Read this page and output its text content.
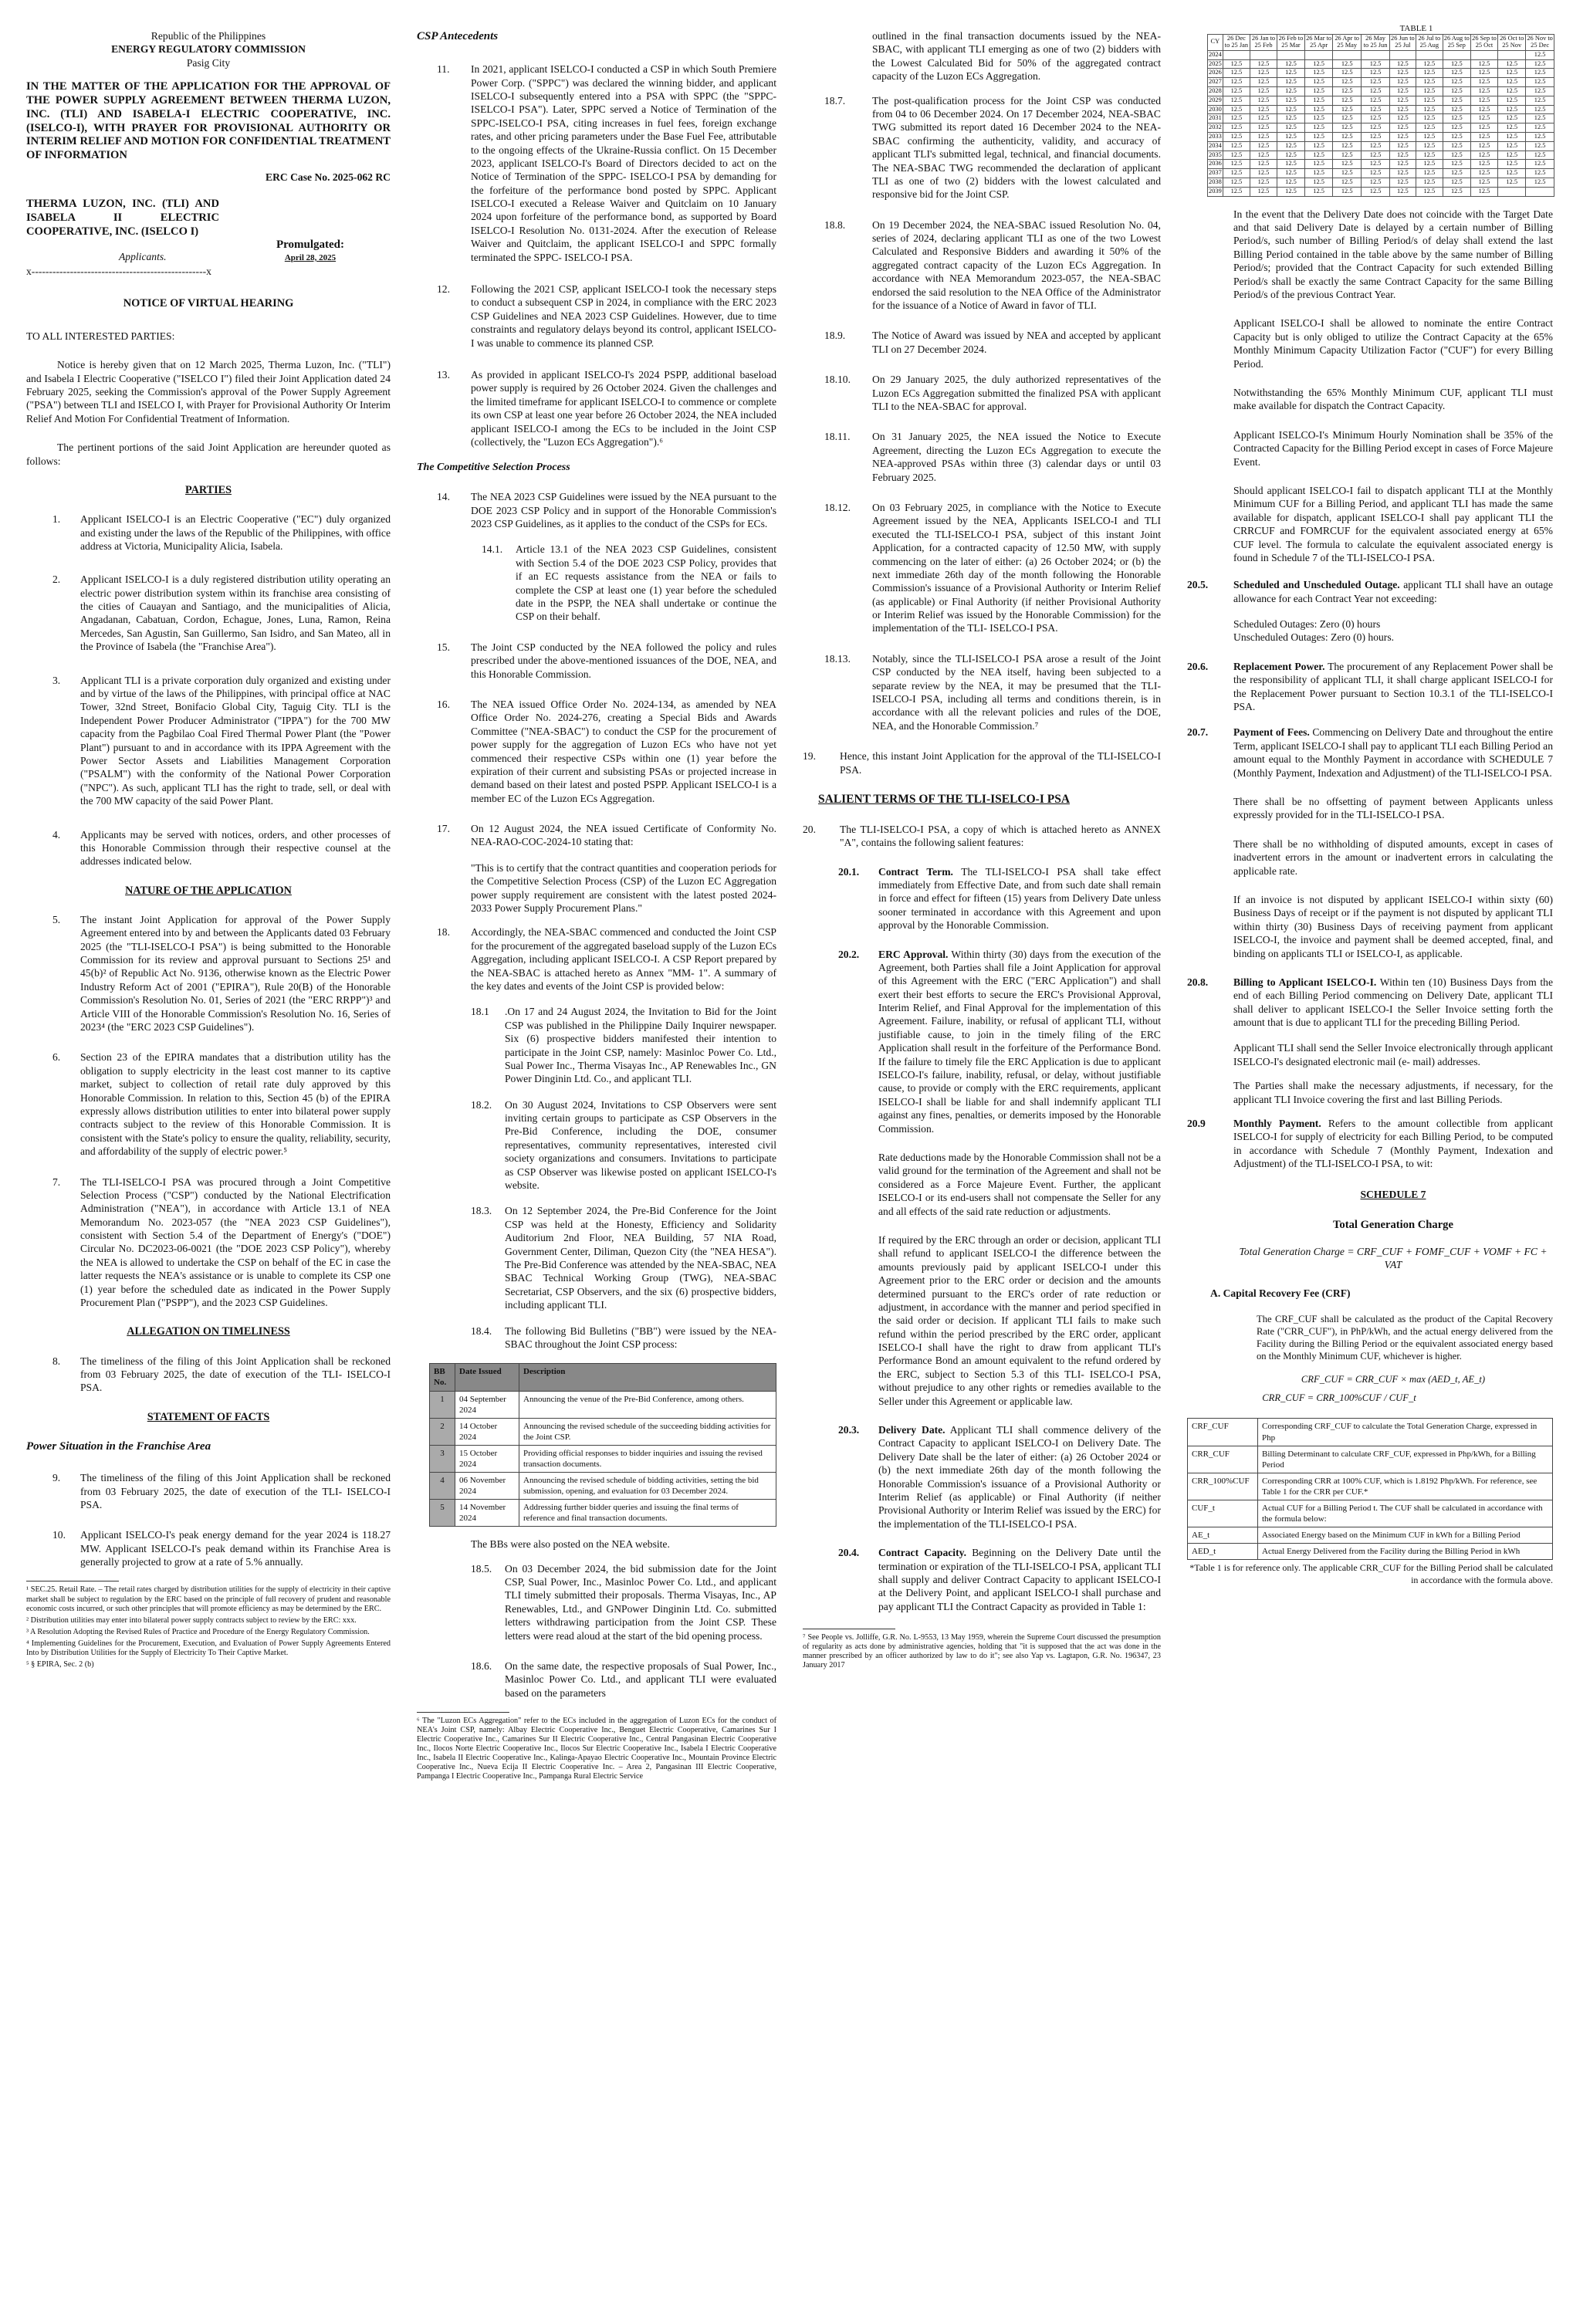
Republic of the Philippines
ENERGY REGULATORY COMMISSION
Pasig City
IN THE MATTER OF THE APPLICATION FOR THE APPROVAL OF THE POWER SUPPLY AGREEMENT BETWEEN THERMA LUZON, INC. (TLI) AND ISABELA-I ELECTRIC COOPERATIVE, INC. (ISELCO-I), WITH PRAYER FOR PROVISIONAL AUTHORITY OR INTERIM RELIEF AND MOTION FOR CONFIDENTIAL TREATMENT OF INFORMATION
ERC Case No. 2025-062 RC
THERMA LUZON, INC. (TLI) AND ISABELA II ELECTRIC COOPERATIVE, INC. (ISELCO I)
Applicants.
Promulgated:
April 28, 2025
x--------------------------------------------------x
NOTICE OF VIRTUAL HEARING

TO ALL INTERESTED PARTIES:

Notice is hereby given that on 12 March 2025, Therma Luzon, Inc. ("TLI") and Isabela I Electric Cooperative ("ISELCO I") filed their Joint Application dated 24 February 2025, seeking the Commission's approval of the Power Supply Agreement ("PSA") between TLI and ISELCO I, with Prayer for Provisional Authority Or Interim Relief And Motion For Confidential Treatment of Information.

The pertinent portions of the said Joint Application are hereunder quoted as follows:

PARTIES
1.	Applicant ISELCO-I is an Electric Cooperative ("EC") duly organized and existing under the laws of the Republic of the Philippines, with office address at Victoria, Municipality Alicia, Isabela.
2.	Applicant ISELCO-I is a duly registered distribution utility operating an electric power distribution system within its franchise area consisting of the cities of Cauayan and Santiago, and the municipalities of Alicia, Angadanan, Cabatuan, Cordon, Echague, Jones, Luna, Ramon, Reina Mercedes, San Agustin, San Guillermo, San Isidro, and San Mateo, all in the Province of Isabela (the "Franchise Area").
3.	Applicant TLI is a private corporation duly organized and existing under and by virtue of the laws of the Philippines, with principal office at NAC Tower, 32nd Street, Bonifacio Global City, Taguig City. TLI is the Independent Power Producer Administrator ("IPPA") for the 700 MW capacity from the Pagbilao Coal Fired Thermal Power Plant (the "Power Plant") pursuant to and in accordance with its IPPA Agreement with the Power Sector Assets and Liabilities Management Corporation ("PSALM") with the conformity of the National Power Corporation ("NPC"). As such, applicant TLI has the right to trade, sell, or deal with the 700 MW capacity of the said Power Plant.
4.	Applicants may be served with notices, orders, and other processes of this Honorable Commission through their respective counsel at the addresses indicated below.
NATURE OF THE APPLICATION
5.	The instant Joint Application for approval of the Power Supply Agreement entered into by and between the Applicants dated 03 February 2025 (the "TLI-ISELCO-I PSA") is being submitted to the Honorable Commission for its review and approval pursuant to Sections 25¹ and 45(b)² of Republic Act No. 9136, otherwise known as the Electric Power Industry Reform Act of 2001 ("EPIRA"), Rule 20(B) of the Honorable Commission's Resolution No. 01, Series of 2021 (the "ERC RRPP")³ and Article VIII of the Honorable Commission's Resolution No. 16, Series of 2023⁴ (the "ERC 2023 CSP Guidelines").
6.	Section 23 of the EPIRA mandates that a distribution utility has the obligation to supply electricity in the least cost manner to its captive market, subject to collection of retail rate duly approved by this Honorable Commission. In relation to this, Section 45 (b) of the EPIRA expressly allows distribution utilities to enter into bilateral power supply contracts subject to the review of this Honorable Commission. It is consistent with the State's policy to ensure the quality, reliability, security, and affordability of the supply of electric power.⁵
7.	The TLI-ISELCO-I PSA was procured through a Joint Competitive Selection Process ("CSP") conducted by the National Electrification Administration ("NEA"), in accordance with Article 13.1 of NEA Memorandum No. 2023-057 (the "NEA 2023 CSP Guidelines"), consistent with Section 5.4 of the Department of Energy's ("DOE") Circular No. DC2023-06-0021 (the "DOE 2023 CSP Policy"), whereby the NEA is allowed to undertake the CSP on behalf of the EC in case the latter requests the NEA's assistance or is unable to complete its CSP one (1) year before the scheduled date as indicated in the Power Supply Procurement Plan ("PSPP"), and the 2023 CSP Guidelines.
ALLEGATION ON TIMELINESS
8.	The timeliness of the filing of this Joint Application shall be reckoned from 03 February 2025, the date of execution of the TLI- ISELCO-I PSA.
STATEMENT OF FACTS
Power Situation in the Franchise Area
9.	The timeliness of the filing of this Joint Application shall be reckoned from 03 February 2025, the date of execution of the TLI- ISELCO-I PSA.
10.	Applicant ISELCO-I's peak energy demand for the year 2024 is 118.27 MW. Applicant ISELCO-I's peak demand within its Franchise Area is generally projected to grow at a rate of 5.% annually.
¹ SEC.25. Retail Rate. – The retail rates charged by distribution utilities for the supply of electricity in their captive market shall be subject to regulation by the ERC based on the principle of full recovery of prudent and reasonable economic costs incurred, or such other principles that will promote efficiency as may be determined by the ERC.
² Distribution utilities may enter into bilateral power supply contracts subject to review by the ERC: xxx.
³ A Resolution Adopting the Revised Rules of Practice and Procedure of the Energy Regulatory Commission.
⁴ Implementing Guidelines for the Procurement, Execution, and Evaluation of Power Supply Agreements Entered Into by Distribution Utilities for the Supply of Electricity To Their Captive Market.
⁵ § EPIRA, Sec. 2 (b)
CSP Antecedents
11.	In 2021, applicant ISELCO-I conducted a CSP in which South Premiere Power Corp. ("SPPC") was declared the winning bidder, and applicant ISELCO-I subsequently entered into a PSA with SPPC (the "SPPC-ISELCO-I PSA"). Later, SPPC served a Notice of Termination of the SPPC-ISELCO-I PSA, citing increases in fuel fees, foreign exchange rates, and other pricing parameters under the Base Fuel Fee, attributable to the ongoing effects of the Ukraine-Russia conflict. On 15 December 2023, applicant ISELCO-I's Board of Directors decided to act on the Notice of Termination of the SPPC- ISELCO-I PSA by demanding for the forfeiture of the performance bond posted by SPPC. Applicant ISELCO-I executed a Release Waiver and Quitclaim on 10 January 2024 upon forfeiture of the performance bond, as supported by Board ISELCO-I Resolution No. 0131-2024. After the execution of Release Waiver and Quitclaim, the applicant ISELCO-I and SPPC formally terminated the SPPC- ISELCO-I PSA.
12.	Following the 2021 CSP, applicant ISELCO-I took the necessary steps to conduct a subsequent CSP in 2024, in compliance with the ERC 2023 CSP Guidelines and NEA 2023 CSP Guidelines. However, due to time constraints and regulatory delays beyond its control, applicant ISELCO-I was unable to commence its planned CSP.
13.	As provided in applicant ISELCO-I's 2024 PSPP, additional baseload power supply is required by 26 October 2024. Given the challenges and the limited timeframe for applicant ISELCO-I to commence or complete its own CSP at least one year before 26 October 2024, the NEA included applicant ISELCO-I among the ECs to be included in the Joint CSP (collectively, the "Luzon ECs Aggregation").⁶
The Competitive Selection Process
14.	The NEA 2023 CSP Guidelines were issued by the NEA pursuant to the DOE 2023 CSP Policy and in support of the Honorable Commission's 2023 CSP Guidelines, as it applies to the conduct of the CSPs for ECs.
14.1.	Article 13.1 of the NEA 2023 CSP Guidelines, consistent with Section 5.4 of the DOE 2023 CSP Policy, provides that if an EC requests assistance from the NEA or fails to complete the CSP at least one (1) year before the scheduled date in the PSPP, the NEA shall undertake or continue the CSP on their behalf.
15.	The Joint CSP conducted by the NEA followed the policy and rules prescribed under the above-mentioned issuances of the DOE, NEA, and this Honorable Commission.
16.	The NEA issued Office Order No. 2024-134, as amended by NEA Office Order No. 2024-276, creating a Special Bids and Awards Committee ("NEA-SBAC") to conduct the CSP for the procurement of power supply for the aggregation of Luzon ECs who have not yet commenced their respective CSPs within one (1) year before the expiration of their current and subsisting PSAs or projected increase in demand based on their latest and posted PSPP. Applicant ISELCO-I is a member EC of the Luzon ECs Aggregation.
17.	On 12 August 2024, the NEA issued Certificate of Conformity No. NEA-RAO-COC-2024-10 stating that:

"This is to certify that the contract quantities and cooperation periods for the Competitive Selection Process (CSP) of the Luzon EC Aggregation power supply requirement are consistent with the latest posted 2024-2033 Power Supply Procurement Plans."

18.	Accordingly, the NEA-SBAC commenced and conducted the Joint CSP for the procurement of the aggregated baseload supply of the Luzon ECs Aggregation, including applicant ISELCO-I. A CSP Report prepared by the NEA-SBAC is attached hereto as Annex "MM- 1". A summary of the key dates and events of the Joint CSP is provided below:
18.1	.On 17 and 24 August 2024, the Invitation to Bid for the Joint CSP was published in the Philippine Daily Inquirer newspaper. Six (6) prospective bidders manifested their intention to participate in the Joint CSP, namely: Masinloc Power Co. Ltd., Sual Power Inc., Therma Visayas Inc., AP Renewables Inc., GN Power Dinginin Ltd. Co., and applicant TLI.
18.2.	On 30 August 2024, Invitations to CSP Observers were sent inviting certain groups to participate as CSP Observers in the Pre-Bid Conference, including the DOE, consumer representatives, community representatives, interested civil society organizations and consumers. Invitations to participate as CSP Observer was likewise posted on applicant ISELCO-I's website.
18.3.	On 12 September 2024, the Pre-Bid Conference for the Joint CSP was held at the Honesty, Efficiency and Solidarity Auditorium 2nd Floor, NEA Building, 57 NIA Road, Government Center, Diliman, Quezon City (the "NEA HESA"). The Pre-Bid Conference was attended by the NEA-SBAC, NEA SBAC Technical Working Group (TWG), NEA-SBAC Secretariat, CSP Observers, and the six (6) prospective bidders, including applicant TLI.
18.4.	The following Bid Bulletins ("BB") were issued by the NEA-SBAC throughout the Joint CSP process:
BB No.	Date Issued	Description
1	04 September 2024	Announcing the venue of the Pre-Bid Conference, among others.
2	14 October 2024	Announcing the revised schedule of the succeeding bidding activities for the Joint CSP.
3	15 October 2024	Providing official responses to bidder inquiries and issuing the revised transaction documents.
4	06 November 2024	Announcing the revised schedule of bidding activities, setting the bid submission, opening, and evaluation for 03 December 2024.
5	14 November 2024	Addressing further bidder queries and issuing the final terms of reference and final transaction documents.

The BBs were also posted on the NEA website.

18.5.	On 03 December 2024, the bid submission date for the Joint CSP, Sual Power, Inc., Masinloc Power Co. Ltd., and applicant TLI timely submitted their proposals. Therma Visayas, Inc., AP Renewables, Ltd., and GNPower Dinginin Ltd. Co. submitted letters withdrawing participation from the Joint CSP. These letters were read aloud at the start of the bid opening process.
18.6.	On the same date, the respective proposals of Sual Power, Inc., Masinloc Power Co. Ltd., and applicant TLI were evaluated based on the parameters
⁶ The "Luzon ECs Aggregation" refer to the ECs included in the aggregation of Luzon ECs for the conduct of NEA's Joint CSP, namely: Albay Electric Cooperative Inc., Benguet Electric Cooperative, Camarines Sur I Electric Cooperative Inc., Camarines Sur II Electric Cooperative Inc., Central Pangasinan Electric Cooperative Inc., Ilocos Norte Electric Cooperative Inc., Ilocos Sur Electric Cooperative Inc., Isabela I Electric Cooperative Inc., Isabela II Electric Cooperative Inc., Kalinga-Apayao Electric Cooperative Inc., Mountain Province Electric Cooperative Inc., Nueva Ecija II Electric Cooperative Inc. – Area 2, Pangasinan III Electric Cooperative, Pampanga I Electric Cooperative Inc., Pampanga Rural Electric Service

outlined in the final transaction documents issued by the NEA-SBAC, with applicant TLI emerging as one of two (2) bidders with the Lowest Calculated Bid for 50% of the aggregated contract capacity of the Luzon ECs Aggregation.

18.7.	The post-qualification process for the Joint CSP was conducted from 04 to 06 December 2024. On 17 December 2024, NEA-SBAC TWG submitted its report dated 16 December 2024 to the NEA-SBAC confirming the authenticity, validity, and accuracy of applicant TLI's submitted legal, technical, and financial documents. The NEA-SBAC TWG recommended the declaration of applicant TLI as one of two (2) bidders with the lowest calculated and responsive bid for the Joint CSP.
18.8.	On 19 December 2024, the NEA-SBAC issued Resolution No. 04, series of 2024, declaring applicant TLI as one of the two Lowest Calculated and Responsive Bidders and awarding it 50% of the aggregated contract capacity of the Luzon ECs Aggregation. In accordance with NEA Memorandum 2023-057, the NEA-SBAC endorsed the said resolution to the NEA Office of the Administrator for the issuance of a Notice of Award in favor of TLI.
18.9.	The Notice of Award was issued by NEA and accepted by applicant TLI on 27 December 2024.
18.10.	On 29 January 2025, the duly authorized representatives of the Luzon ECs Aggregation submitted the finalized PSA with applicant TLI to the NEA-SBAC for approval.
18.11.	On 31 January 2025, the NEA issued the Notice to Execute Agreement, directing the Luzon ECs Aggregation to execute the NEA-approved PSAs within three (3) calendar days or until 03 February 2025.
18.12.	On 03 February 2025, in compliance with the Notice to Execute Agreement issued by the NEA, Applicants ISELCO-I and TLI executed the TLI-ISELCO-I PSA, subject of this instant Joint Application, for a contracted capacity of 12.50 MW, with supply commencing on the later of either: (a) 26 October 2024; or (b) the next immediate 26th day of the month following the Honorable Commission's issuance of a Provisional Authority or Interim Relief (as applicable) or Final Authority (if neither Provisional Authority or Interim Relief was issued by the Honorable Commission) for the implementation of the TLI- ISELCO-I PSA.
18.13.	Notably, since the TLI-ISELCO-I PSA arose a result of the Joint CSP conducted by the NEA itself, having been subjected to a separate review by the NEA, it may be presumed that the TLI-ISELCO-I PSA, including all terms and conditions therein, is in accordance with all the relevant policies and rules of the DOE, NEA, and the Honorable Commission.⁷
19.	Hence, this instant Joint Application for the approval of the TLI-ISELCO-I PSA.
SALIENT TERMS OF THE TLI-ISELCO-I PSA
20.	The TLI-ISELCO-I PSA, a copy of which is attached hereto as ANNEX "A", contains the following salient features:
20.1.	Contract Term. The TLI-ISELCO-I PSA shall take effect immediately from Effective Date, and from such date shall remain in force and effect for fifteen (15) years from Delivery Date unless sooner terminated in accordance with this Agreement and upon approval by the Honorable Commission.
20.2.	ERC Approval. Within thirty (30) days from the execution of the Agreement, both Parties shall file a Joint Application for approval of this Agreement with the ERC ("ERC Application") and shall exert their best efforts to secure the ERC's Provisional Approval, Interim Relief, and Final Approval for the implementation of this Agreement. Failure, inability, or refusal of applicant TLI, without justifiable cause, to join in the timely filing of the ERC Application shall result in the forfeiture of the Performance Bond. If the failure to timely file the ERC Application is due to applicant ISELCO-I's failure, inability, refusal, or delay, without justifiable cause, to provide or comply with the ERC requirements, applicant ISELCO-I shall be liable for and shall indemnify applicant TLI against any fines, penalties, or demerits imposed by the Honorable Commission.

Rate deductions made by the Honorable Commission shall not be a valid ground for the termination of the Agreement and shall not be considered as a Force Majeure Event. Further, the applicant ISELCO-I or its end-users shall not compensate the Seller for any and all effects of the said rate reduction or adjustments.

If required by the ERC through an order or decision, applicant TLI shall refund to applicant ISELCO-I the difference between the amounts previously paid by applicant ISELCO-I under this Agreement prior to the ERC order or decision and the amounts determined pursuant to the ERC's order of rate reduction or adjustment, in accordance with the manner and period specified in the said order or decision. If applicant TLI fails to make such refund within the period prescribed by the ERC order, applicant ISELCO-I shall have the right to draw from applicant TLI's Performance Bond an amount equivalent to the refund ordered by the ERC, subject to Section 5.3 of this TLI- ISELCO-I PSA, without prejudice to any other rights or remedies available to the Seller under this Agreement or applicable law.

20.3.	Delivery Date. Applicant TLI shall commence delivery of the Contract Capacity to applicant ISELCO-I on Delivery Date. The Delivery Date shall be the later of either: (a) 26 October 2024 or (b) the next immediate 26th day of the month following the Honorable Commission's issuance of a Provisional Authority or Interim Relief (as applicable) or Final Authority (if neither Provisional Authority or Interim Relief was issued by the ERC) for the implementation of the TLI-ISELCO-I PSA.
20.4.	Contract Capacity. Beginning on the Delivery Date until the termination or expiration of the TLI-ISELCO-I PSA, applicant TLI shall supply and deliver Contract Capacity to applicant ISELCO-I at the Delivery Point, and applicant ISELCO-I shall purchase and pay applicant TLI the Contract Capacity as provided in Table 1:
⁷ See People vs. Jolliffe, G.R. No. L-9553, 13 May 1959, wherein the Supreme Court discussed the presumption of regularity as acts done by administrative agencies, holding that "it is supposed that the act was done in the manner prescribed by an officer authorized by law to do it"; see also Yap vs. Lagtapon, G.R. No. 196347, 23 January 2017
TABLE 1
CY	26 Dec to 25 Jan	26 Jan to 25 Feb	26 Feb to 25 Mar	26 Mar to 25 Apr	26 Apr to 25 May	26 May to 25 Jun	26 Jun to 25 Jul	26 Jul to 25 Aug	26 Aug to 25 Sep	26 Sep to 25 Oct	26 Oct to 25 Nov	26 Nov to 25 Dec
2024												12.5
2025	12.5	12.5	12.5	12.5	12.5	12.5	12.5	12.5	12.5	12.5	12.5	12.5
2026	12.5	12.5	12.5	12.5	12.5	12.5	12.5	12.5	12.5	12.5	12.5	12.5
2027	12.5	12.5	12.5	12.5	12.5	12.5	12.5	12.5	12.5	12.5	12.5	12.5
2028	12.5	12.5	12.5	12.5	12.5	12.5	12.5	12.5	12.5	12.5	12.5	12.5
2029	12.5	12.5	12.5	12.5	12.5	12.5	12.5	12.5	12.5	12.5	12.5	12.5
2030	12.5	12.5	12.5	12.5	12.5	12.5	12.5	12.5	12.5	12.5	12.5	12.5
2031	12.5	12.5	12.5	12.5	12.5	12.5	12.5	12.5	12.5	12.5	12.5	12.5
2032	12.5	12.5	12.5	12.5	12.5	12.5	12.5	12.5	12.5	12.5	12.5	12.5
2033	12.5	12.5	12.5	12.5	12.5	12.5	12.5	12.5	12.5	12.5	12.5	12.5
2034	12.5	12.5	12.5	12.5	12.5	12.5	12.5	12.5	12.5	12.5	12.5	12.5
2035	12.5	12.5	12.5	12.5	12.5	12.5	12.5	12.5	12.5	12.5	12.5	12.5
2036	12.5	12.5	12.5	12.5	12.5	12.5	12.5	12.5	12.5	12.5	12.5	12.5
2037	12.5	12.5	12.5	12.5	12.5	12.5	12.5	12.5	12.5	12.5	12.5	12.5
2038	12.5	12.5	12.5	12.5	12.5	12.5	12.5	12.5	12.5	12.5	12.5	12.5
2039	12.5	12.5	12.5	12.5	12.5	12.5	12.5	12.5	12.5	12.5		

In the event that the Delivery Date does not coincide with the Target Date and that said Delivery Date is delayed by a certain number of Billing Period/s, such number of Billing Period/s of delay shall extend the last Billing Period contained in the table above by the same number of Billing Period/s; provided that the Contract Capacity for such extended Billing Period/s shall be exactly the same Contract Capacity for the same Billing Period/s of the previous Contract Year.

Applicant ISELCO-I shall be allowed to nominate the entire Contract Capacity but is only obliged to utilize the Contract Capacity at the 65% Monthly Minimum Capacity Utilization Factor ("CUF") for every Billing Period.

Notwithstanding the 65% Monthly Minimum CUF, applicant TLI must make available for dispatch the Contract Capacity.

Applicant ISELCO-I's Minimum Hourly Nomination shall be 35% of the Contracted Capacity for the Billing Period except in cases of Force Majeure Event.

Should applicant ISELCO-I fail to dispatch applicant TLI at the Monthly Minimum CUF for a Billing Period, and applicant TLI has made the same available for dispatch, applicant ISELCO-I shall pay applicant TLI the CRRCUF and FOMRCUF for the equivalent associated energy at 65% CUF level. The formula to calculate the equivalent associated energy is found in Schedule 7 of the TLI-ISELCO-I PSA.

20.5.	Scheduled and Unscheduled Outage. applicant TLI shall have an outage allowance for each Contract Year not exceeding:
Scheduled Outages: Zero (0) hours
Unscheduled Outages: Zero (0) hours.
20.6.	Replacement Power. The procurement of any Replacement Power shall be the responsibility of applicant TLI, it shall charge applicant ISELCO-I for the Replacement Power pursuant to Section 10.3.1 of the TLI-ISELCO-I PSA.
20.7.	Payment of Fees. Commencing on Delivery Date and throughout the entire Term, applicant ISELCO-I shall pay to applicant TLI each Billing Period an amount equal to the Monthly Payment in accordance with SCHEDULE 7 (Monthly Payment, Indexation and Adjustment) of the TLI-ISELCO-I PSA.

There shall be no offsetting of payment between Applicants unless expressly provided for in the TLI-ISELCO-I PSA.

There shall be no withholding of disputed amounts, except in cases of inadvertent errors in the amount or inadvertent errors in calculating the applicable rate.

If an invoice is not disputed by applicant ISELCO-I within sixty (60) Business Days of receipt or if the payment is not disputed by applicant TLI within thirty (30) Business Days of receiving payment from applicant ISELCO-I, the invoice and payment shall be deemed accepted, final, and binding on applicants TLI or ISELCO-I, as applicable.

20.8.	Billing to Applicant ISELCO-I. Within ten (10) Business Days from the end of each Billing Period commencing on Delivery Date, applicant TLI shall deliver to applicant ISELCO-I the Seller Invoice setting forth the amount that is due to applicant TLI for the preceding Billing Period.

Applicant TLI shall send the Seller Invoice electronically through applicant ISELCO-I's designated electronic mail (e- mail) addresses.

The Parties shall make the necessary adjustments, if necessary, for the applicant TLI Invoice covering the first and last Billing Periods.

20.9	Monthly Payment. Refers to the amount collectible from applicant ISELCO-I for supply of electricity for each Billing Period, to be computed in accordance with Schedule 7 (Monthly Payment, Indexation and Adjustment) of the TLI-ISELCO-I PSA, to wit:
SCHEDULE 7
Total Generation Charge
Total Generation Charge = CRF_CUF + FOMF_CUF + VOMF + FC + VAT
A. Capital Recovery Fee (CRF)

The CRF_CUF shall be calculated as the product of the Capital Recovery Rate ("CRR_CUF"), in PhP/kWh, and the actual energy delivered from the Facility during the Billing Period or the equivalent associated energy based on the Monthly Minimum CUF, whichever is higher.

CRF_CUF = CRR_CUF × max (AED_t, AE_t)
CRR_CUF = CRR_100%CUF / CUF_t
CRF_CUF	Corresponding CRF_CUF to calculate the Total Generation Charge, expressed in Php
CRR_CUF	Billing Determinant to calculate CRF_CUF, expressed in Php/kWh, for a Billing Period
CRR_100%CUF	Corresponding CRR at 100% CUF, which is 1.8192 Php/kWh. For reference, see Table 1 for the CRR per CUF.*
CUF_t	Actual CUF for a Billing Period t. The CUF shall be calculated in accordance with the formula below:
AE_t	Associated Energy based on the Minimum CUF in kWh for a Billing Period
AED_t	Actual Energy Delivered from the Facility during the Billing Period in kWh
*Table 1 is for reference only. The applicable CRR_CUF for the Billing Period shall be calculated in accordance with the formula above.
